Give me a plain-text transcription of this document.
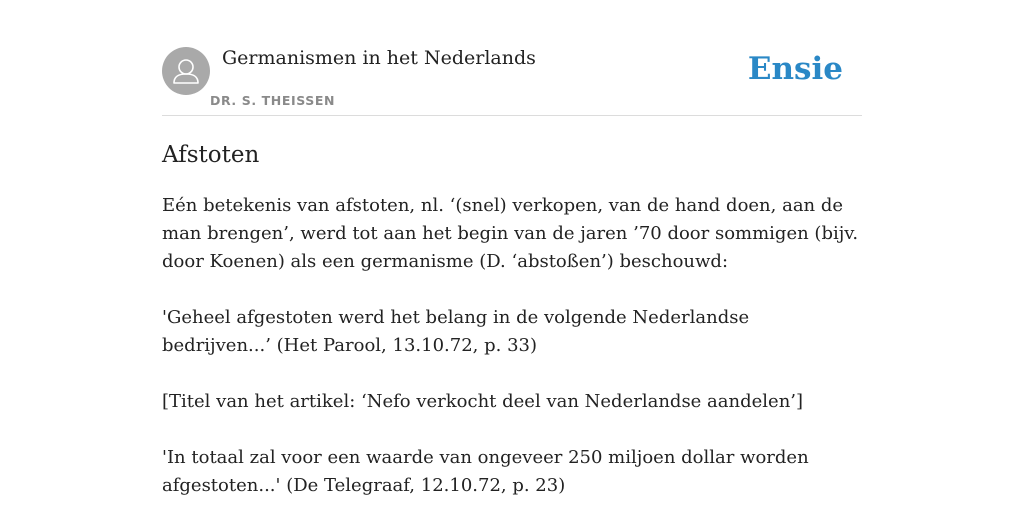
Germanismen in het Nederlands
DR. S. THEISSEN
Ensie
Afstoten

Eén betekenis van afstoten, nl. ‘(snel) verkopen, van de hand doen, aan de man brengen’, werd tot aan het begin van de jaren ’70 door sommigen (bijv. door Koenen) als een germanisme (D. ‘abstoßen’) beschouwd:

'Geheel afgestoten werd het belang in de volgende Nederlandse bedrijven...’ (Het Parool, 13.10.72, p. 33)

[Titel van het artikel: ‘Nefo verkocht deel van Nederlandse aandelen’]

'In totaal zal voor een waarde van ongeveer 250 miljoen dollar worden afgestoten...' (De Telegraaf, 12.10.72, p. 23)
